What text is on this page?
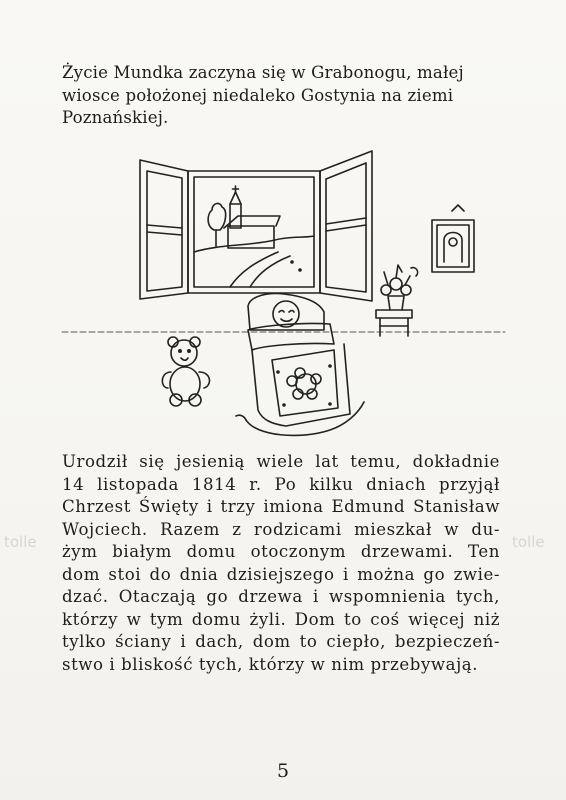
Życie Mundka zaczyna się w Grabonogu, małej
wiosce położonej niedaleko Gostynia na ziemi
Poznańskiej.
Urodził się jesienią wiele lat temu, dokładnie
14 listopada 1814 r. Po kilku dniach przyjął
Chrzest Święty i trzy imiona Edmund Stanisław
Wojciech. Razem z rodzicami mieszkał w du-
żym białym domu otoczonym drzewami. Ten
dom stoi do dnia dzisiejszego i można go zwie-
dzać. Otaczają go drzewa i wspomnienia tych,
którzy w tym domu żyli. Dom to coś więcej niż
tylko ściany i dach, dom to ciepło, bezpieczeń-
stwo i bliskość tych, którzy w nim przebywają.
tolle	tolle
5
